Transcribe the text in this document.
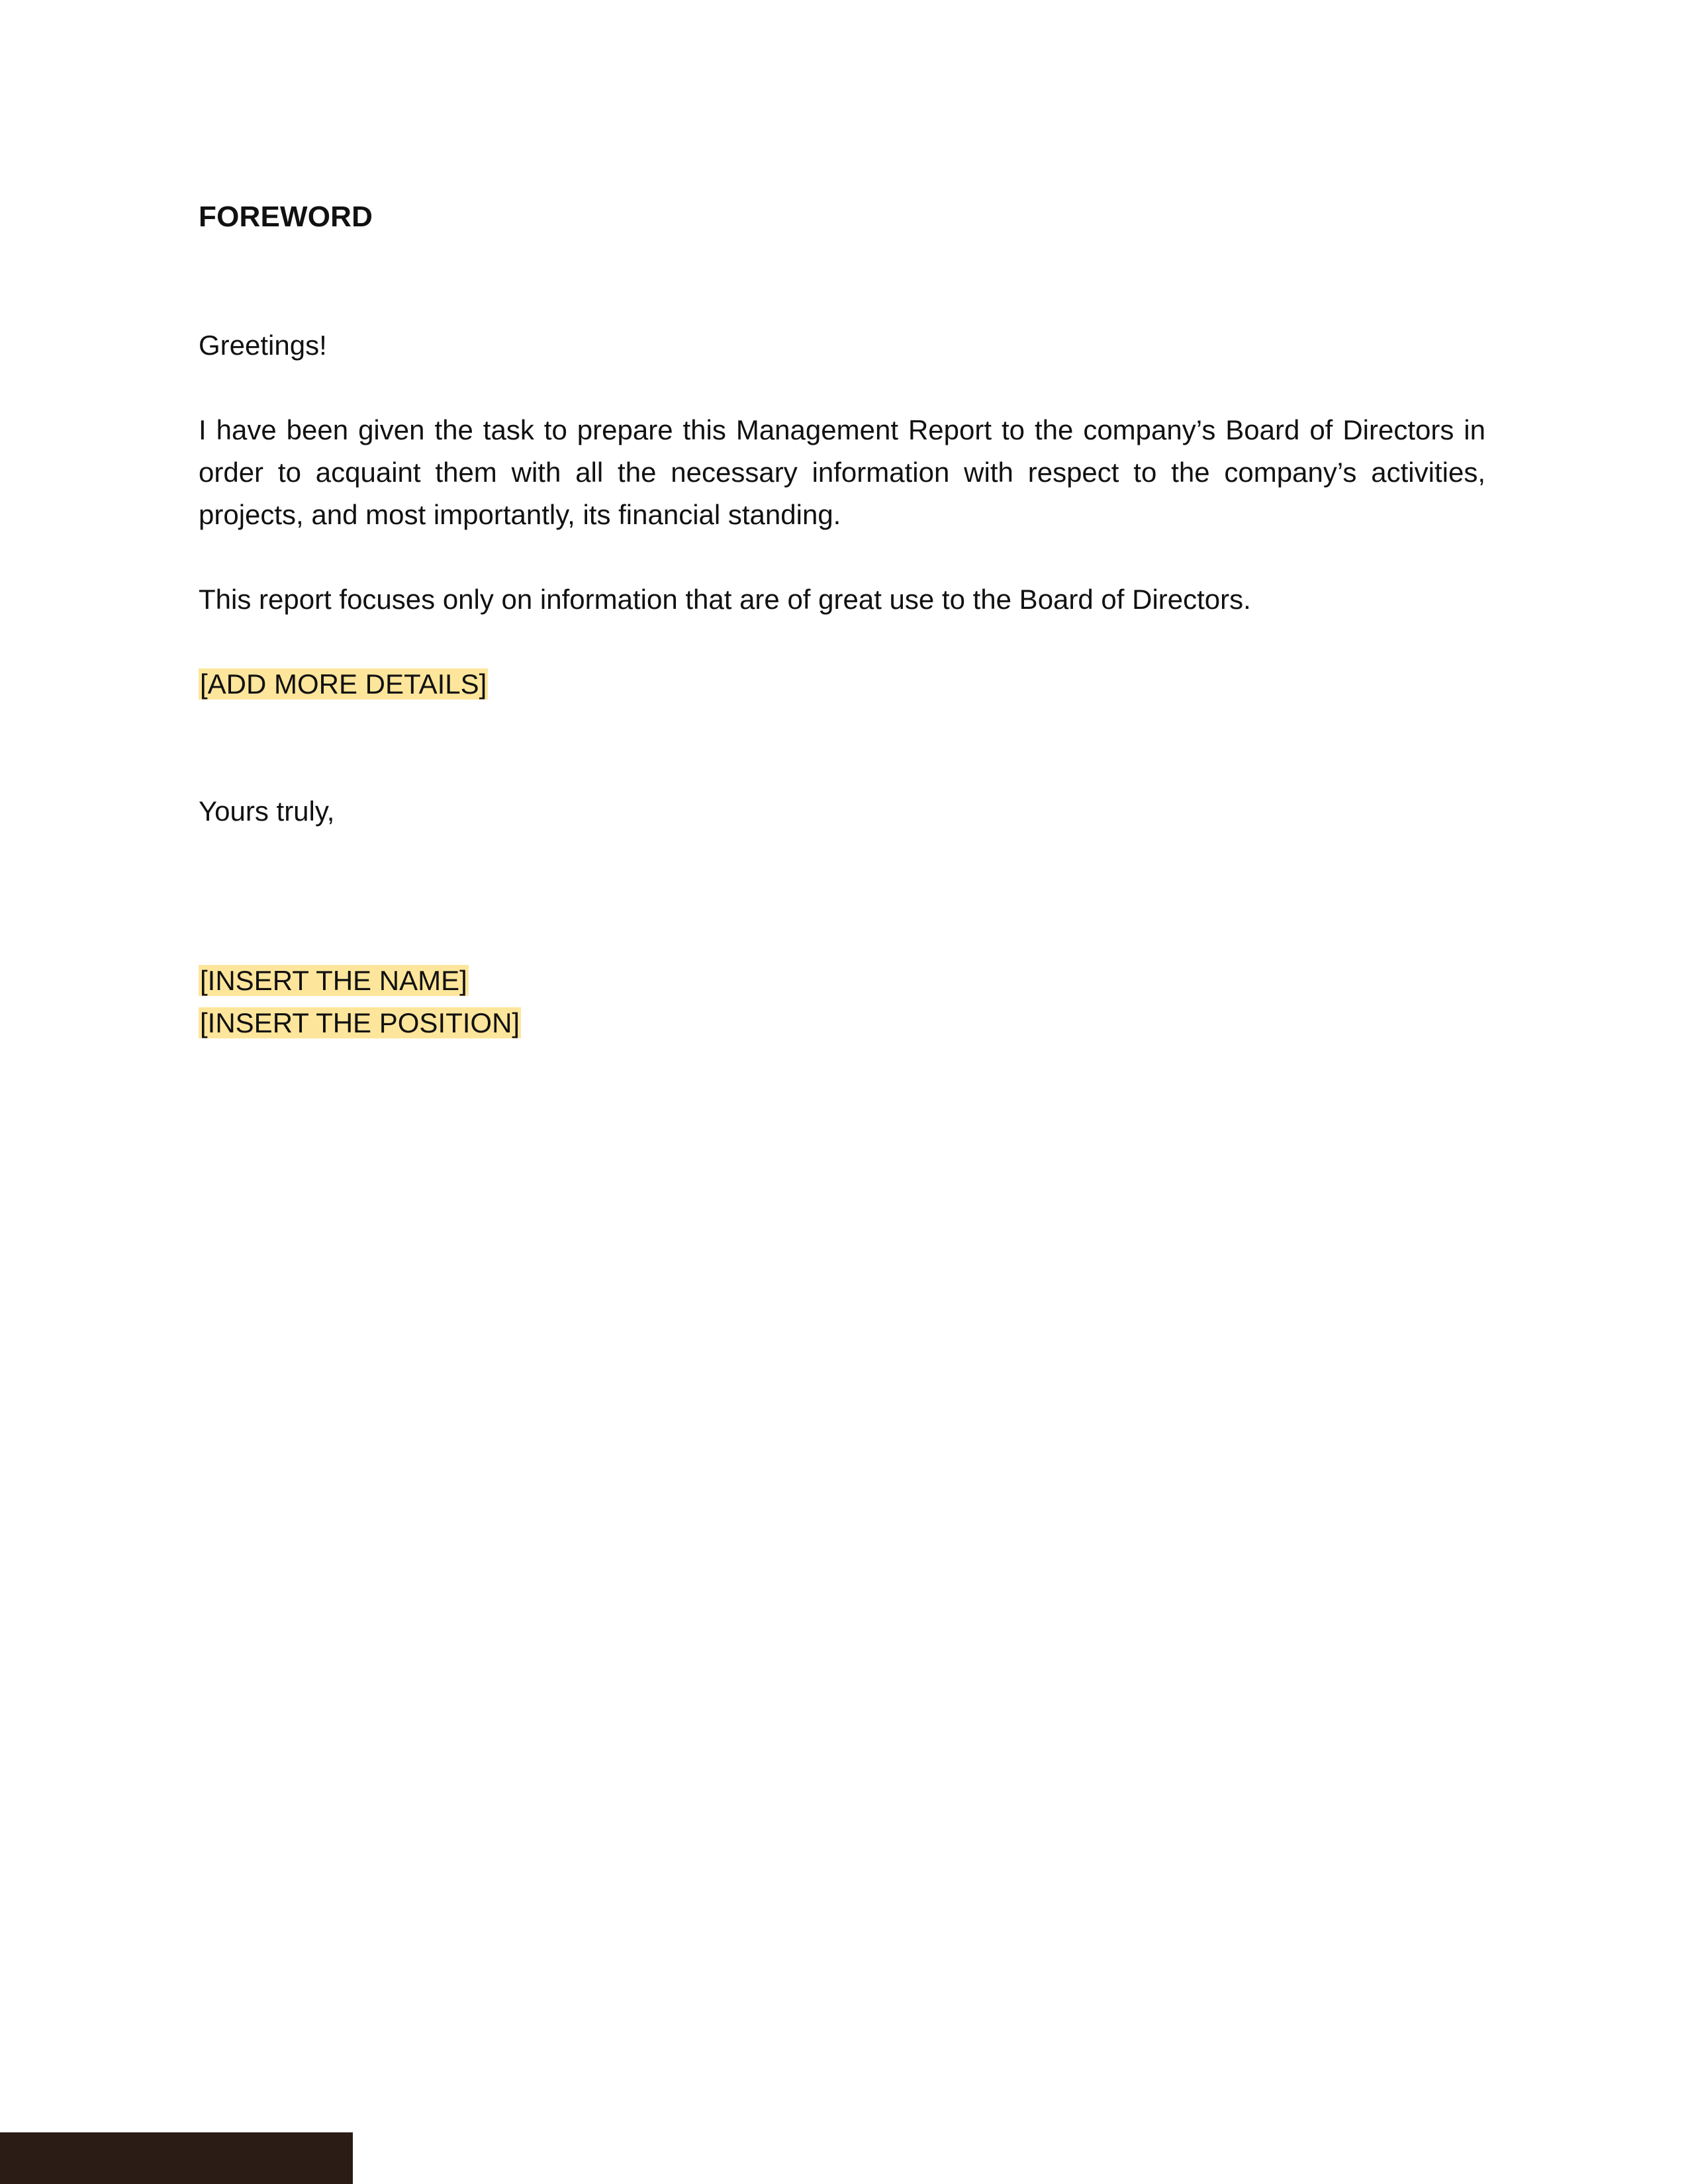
FOREWORD

Greetings!

I have been given the task to prepare this Management Report to the company’s Board of Directors in order to acquaint them with all the necessary information with respect to the company’s activities, projects, and most importantly, its financial standing.

This report focuses only on information that are of great use to the Board of Directors.

[ADD MORE DETAILS]

Yours truly,

[INSERT THE NAME]

[INSERT THE POSITION]
